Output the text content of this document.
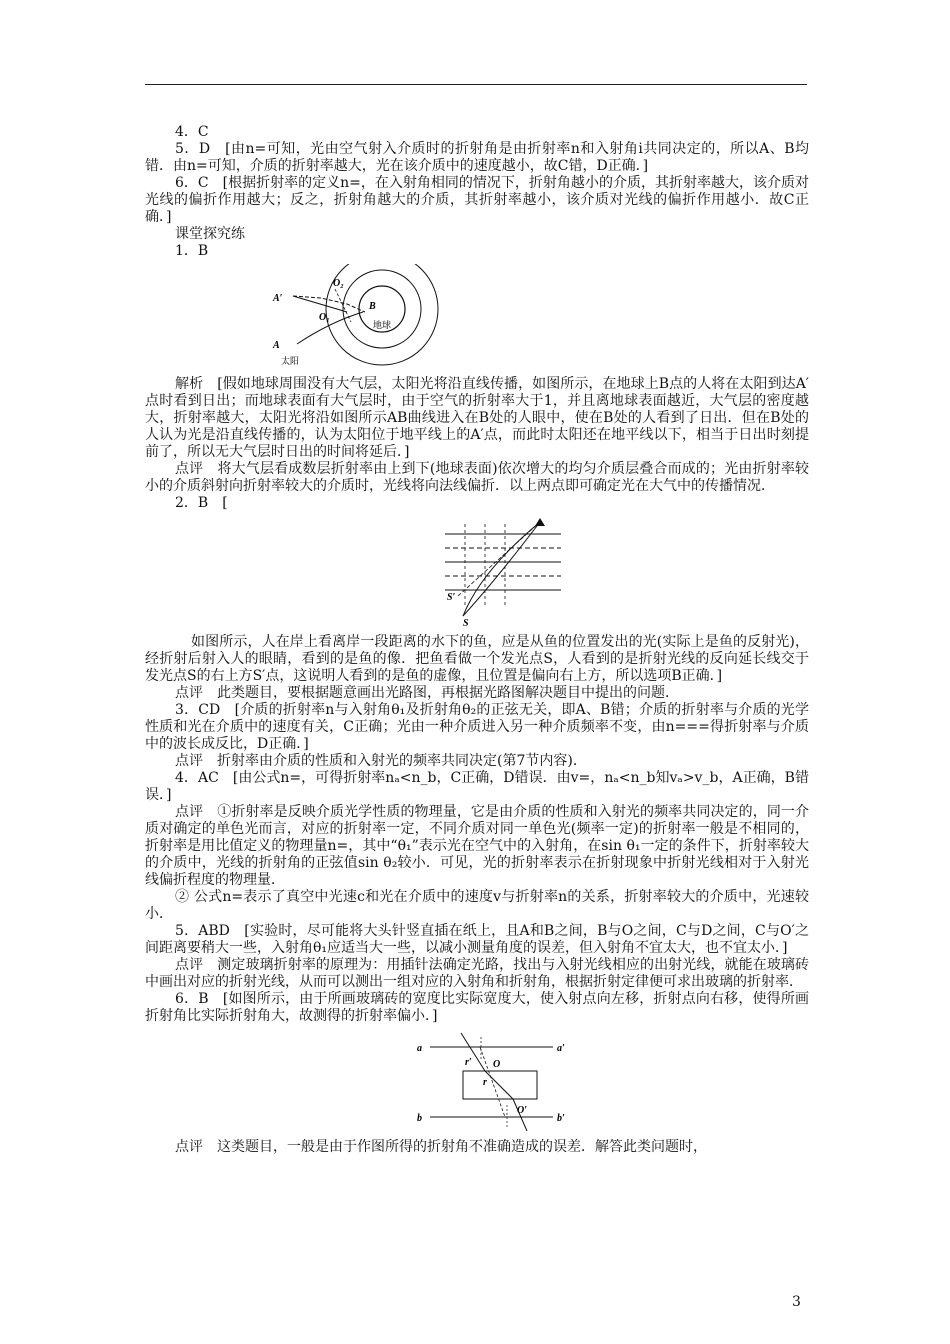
4．C

5．D　[由n=可知，光由空气射入介质时的折射角是由折射率n和入射角i共同决定的，所以A、B均错．由n=可知，介质的折射率越大，光在该介质中的速度越小，故C错，D正确．]

6．C　[根据折射率的定义n=，在入射角相同的情况下，折射角越小的介质，其折射率越大，该介质对光线的偏折作用越大；反之，折射角越大的介质，其折射率越小，该介质对光线的偏折作用越小．故C正确．]

课堂探究练

1．B

A′
A
O₂
O₁
B
地球
太阳

解析　[假如地球周围没有大气层，太阳光将沿直线传播，如图所示，在地球上B点的人将在太阳到达A′点时看到日出；而地球表面有大气层时，由于空气的折射率大于1，并且离地球表面越近，大气层的密度越大，折射率越大，太阳光将沿如图所示AB曲线进入在B处的人眼中，使在B处的人看到了日出．但在B处的人认为光是沿直线传播的，认为太阳位于地平线上的A′点，而此时太阳还在地平线以下，相当于日出时刻提前了，所以无大气层时日出的时间将延后．]

点评　将大气层看成数层折射率由上到下(地球表面)依次增大的均匀介质层叠合而成的；光由折射率较小的介质斜射向折射率较大的介质时，光线将向法线偏折．以上两点即可确定光在大气中的传播情况．

2．B　[

S′
S

如图所示，人在岸上看离岸一段距离的水下的鱼，应是从鱼的位置发出的光(实际上是鱼的反射光)，经折射后射入人的眼睛，看到的是鱼的像．把鱼看做一个发光点S，人看到的是折射光线的反向延长线交于发光点S的右上方S′点，这说明人看到的是鱼的虚像，且位置是偏向右上方，所以选项B正确．]

点评　此类题目，要根据题意画出光路图，再根据光路图解决题目中提出的问题．

3．CD　[介质的折射率n与入射角θ₁及折射角θ₂的正弦无关，即A、B错；介质的折射率与介质的光学性质和光在介质中的速度有关，C正确；光由一种介质进入另一种介质频率不变，由n===得折射率与介质中的波长成反比，D正确．]

点评　折射率由介质的性质和入射光的频率共同决定(第7节内容)．

4．AC　[由公式n=，可得折射率nₐ<n_b，C正确，D错误．由v=，nₐ<n_b知vₐ>v_b，A正确，B错误．]

点评　①折射率是反映介质光学性质的物理量，它是由介质的性质和入射光的频率共同决定的，同一介质对确定的单色光而言，对应的折射率一定，不同介质对同一单色光(频率一定)的折射率一般是不相同的，折射率是用比值定义的物理量n=，其中“θ₁”表示光在空气中的入射角，在sin θ₁一定的条件下，折射率较大的介质中，光线的折射角的正弦值sin θ₂较小．可见，光的折射率表示在折射现象中折射光线相对于入射光线偏折程度的物理量．

② 公式n=表示了真空中光速c和光在介质中的速度v与折射率n的关系，折射率较大的介质中，光速较小．

5．ABD　[实验时，尽可能将大头针竖直插在纸上，且A和B之间，B与O之间，C与D之间，C与O′之间距离要稍大一些，入射角θ₁应适当大一些，以减小测量角度的误差，但入射角不宜太大，也不宜太小．]

点评　测定玻璃折射率的原理为：用插针法确定光路，找出与入射光线相应的出射光线，就能在玻璃砖中画出对应的折射光线，从而可以测出一组对应的入射角和折射角，根据折射定律便可求出玻璃的折射率．

6．B　[如图所示，由于所画玻璃砖的宽度比实际宽度大，使入射点向左移，折射点向右移，使得所画折射角比实际折射角大，故测得的折射率偏小．]

a	a′
b	b′
r′
r
O
O′

点评　这类题目，一般是由于作图所得的折射角不准确造成的误差．解答此类问题时，

3
